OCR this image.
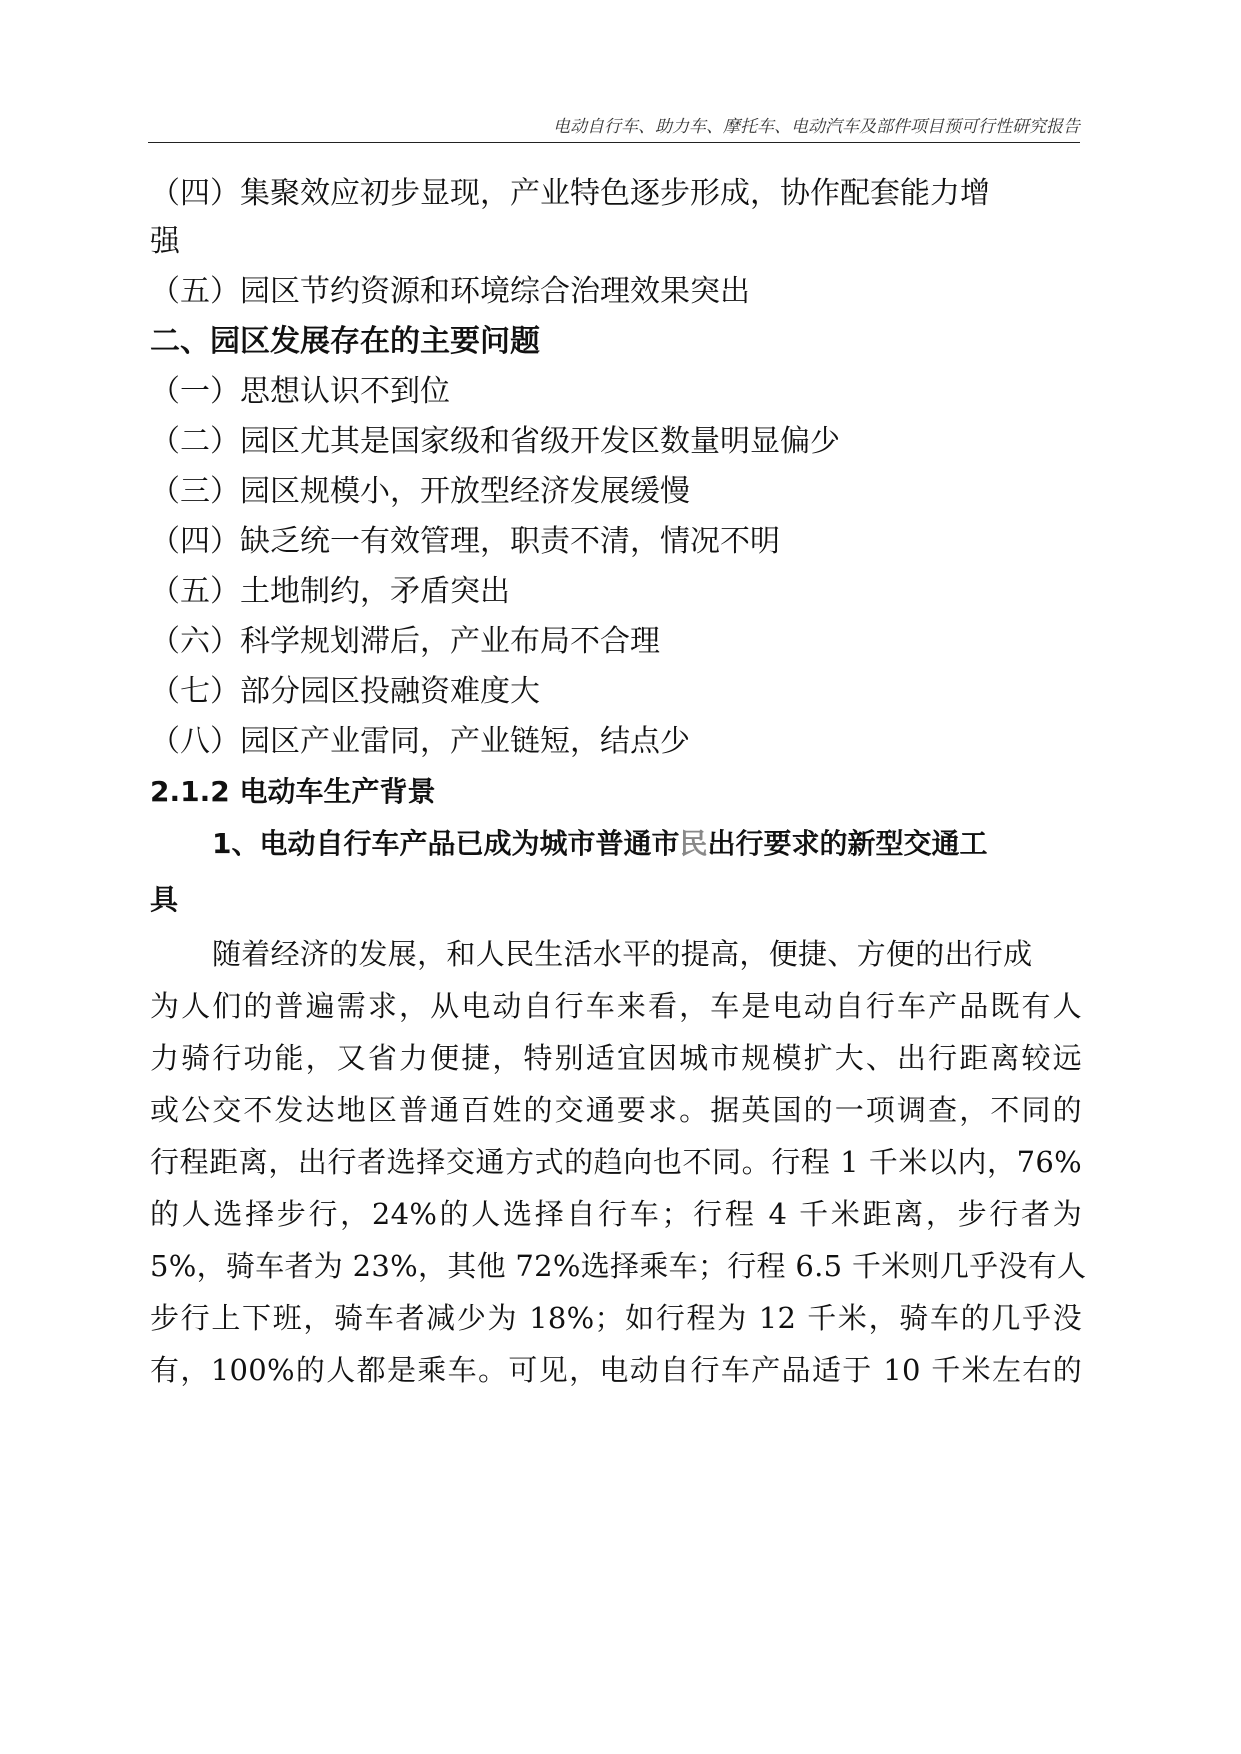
电动自行车、助力车、摩托车、电动汽车及部件项目预可行性研究报告
（四）集聚效应初步显现，产业特色逐步形成，协作配套能力增
强
（五）园区节约资源和环境综合治理效果突出
二、园区发展存在的主要问题
（一）思想认识不到位
（二）园区尤其是国家级和省级开发区数量明显偏少
（三）园区规模小，开放型经济发展缓慢
（四）缺乏统一有效管理，职责不清，情况不明
（五）土地制约，矛盾突出
（六）科学规划滞后，产业布局不合理
（七）部分园区投融资难度大
（八）园区产业雷同，产业链短，结点少
2.1.2 电动车生产背景
1、电动自行车产品已成为城市普通市民出行要求的新型交通工
具
随着经济的发展，和人民生活水平的提高，便捷、方便的出行成
为人们的普遍需求，从电动自行车来看，车是电动自行车产品既有人
力骑行功能，又省力便捷，特别适宜因城市规模扩大、出行距离较远
或公交不发达地区普通百姓的交通要求。据英国的一项调查，不同的
行程距离，出行者选择交通方式的趋向也不同。行程 1 千米以内，76%
的人选择步行，24%的人选择自行车；行程 4 千米距离，步行者为
5%，骑车者为 23%，其他 72%选择乘车；行程 6.5 千米则几乎没有人
步行上下班，骑车者减少为 18%；如行程为 12 千米，骑车的几乎没
有，100%的人都是乘车。可见，电动自行车产品适于 10 千米左右的
